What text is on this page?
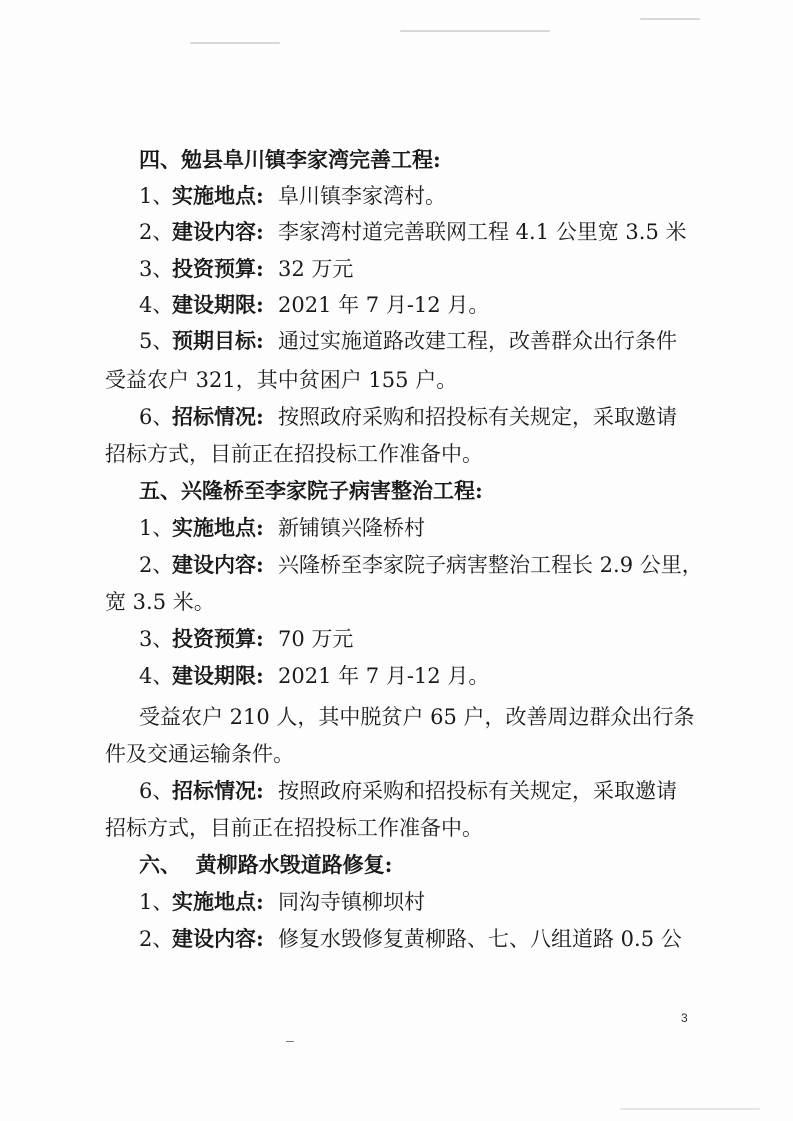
四、勉县阜川镇李家湾完善工程:
1、
实施地点: 阜川镇李家湾村。
2、
建设内容: 李家湾村道完善联网工程 4.1 公里宽 3.5 米
3、
投资预算: 32 万元
4、
建设期限: 2021 年 7 月-12 月。
5、
预期目标: 通过实施道路改建工程，改善群众出行条件
受益农户 321，其中贫困户 155 户。
6、
招标情况: 按照政府采购和招投标有关规定，采取邀请
招标方式，目前正在招投标工作准备中。
五、兴隆桥至李家院子病害整治工程:
1、
实施地点: 新铺镇兴隆桥村
2、
建设内容: 兴隆桥至李家院子病害整治工程长 2.9 公里，
宽 3.5 米。
3、
投资预算: 70 万元
4、
建设期限: 2021 年 7 月-12 月。
受益农户 210 人，其中脱贫户 65 户，改善周边群众出行条
件及交通运输条件。
6、
招标情况: 按照政府采购和招投标有关规定，采取邀请
招标方式，目前正在招投标工作准备中。
六、  黄柳路水毁道路修复:
1、
实施地点: 同沟寺镇柳坝村
2、
建设内容: 修复水毁修复黄柳路、七、八组道路 0.5 公
3
